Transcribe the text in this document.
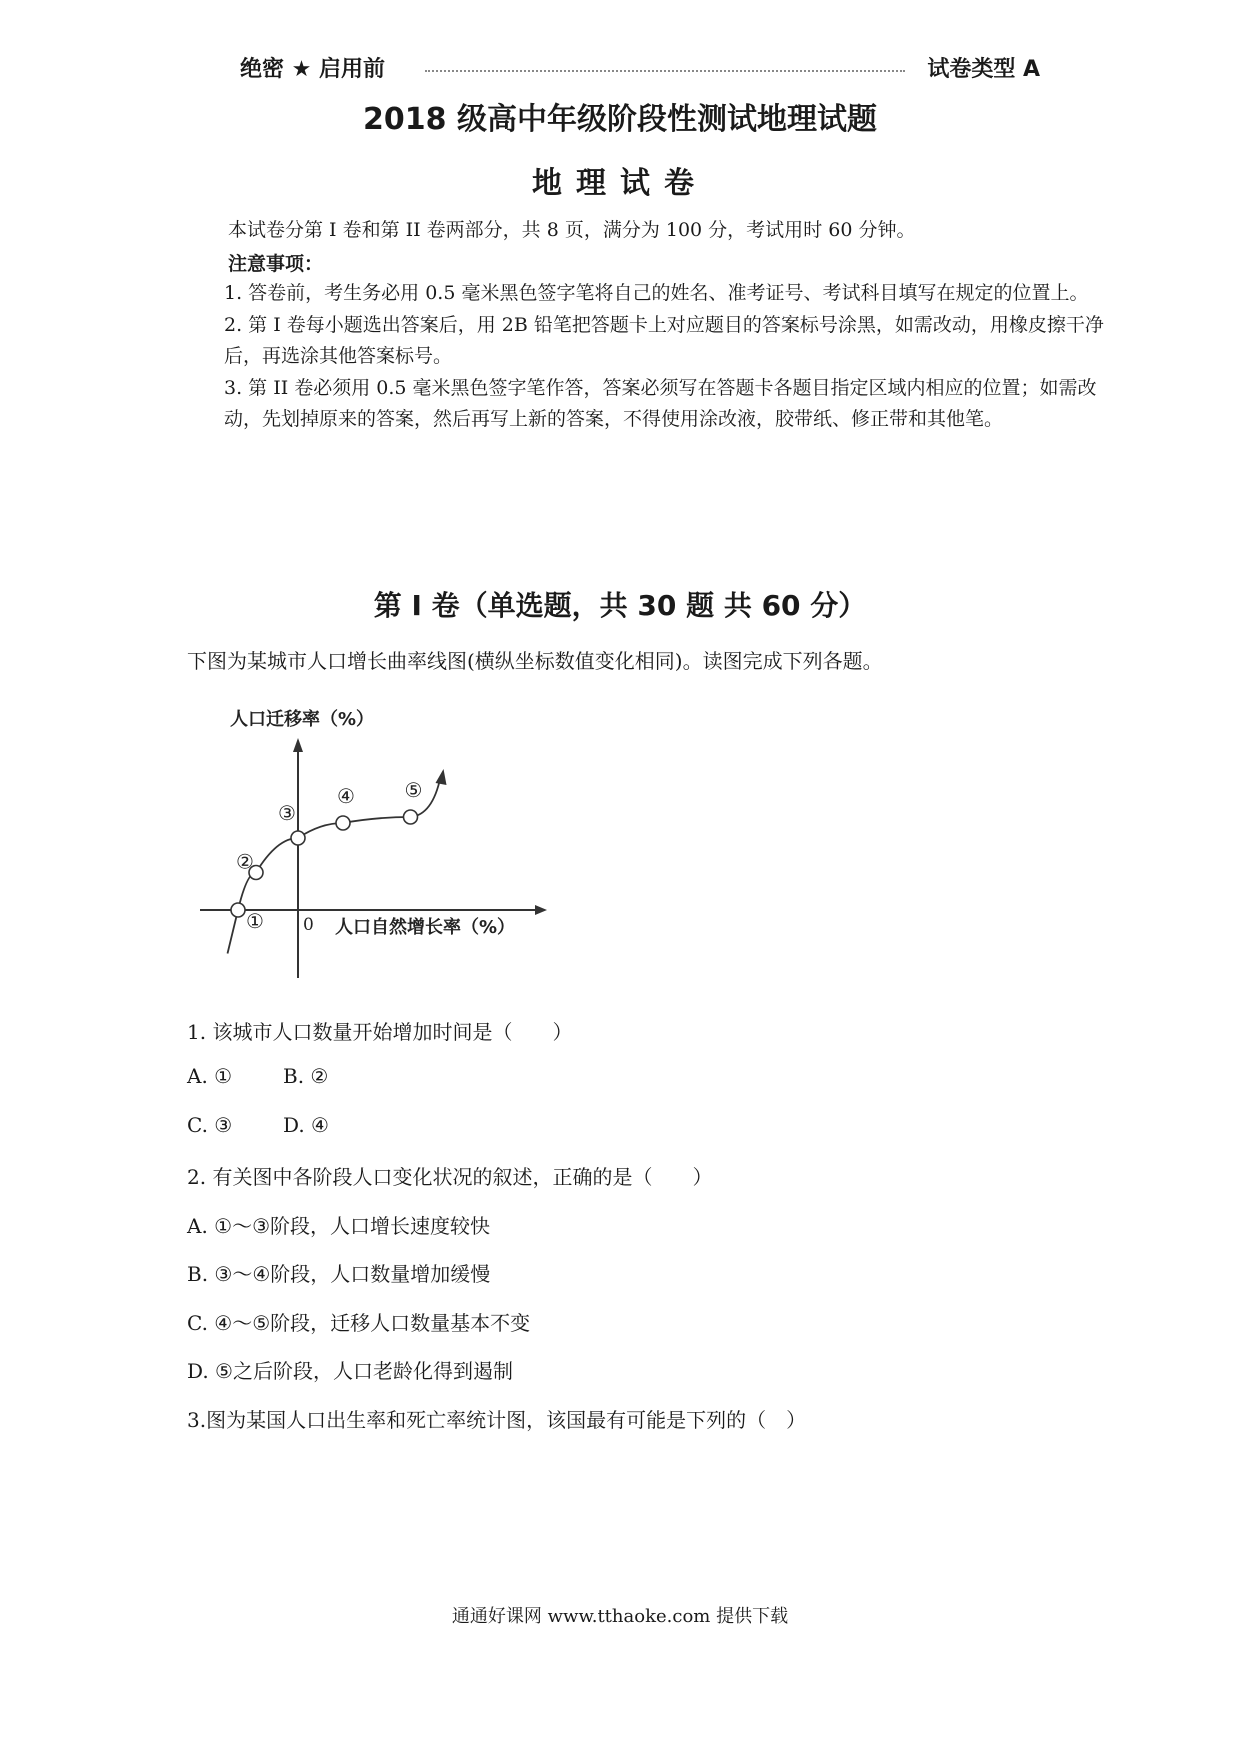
绝密 ★ 启用前	试卷类型 A
2018 级高中年级阶段性测试地理试题
地理试卷
本试卷分第 I 卷和第 II 卷两部分，共 8 页，满分为 100 分，考试用时 60 分钟。

注意事项：

1. 答卷前，考生务必用 0.5 毫米黑色签字笔将自己的姓名、准考证号、考试科目填写在规定的位置上。

2. 第 I 卷每小题选出答案后，用 2B 铅笔把答题卡上对应题目的答案标号涂黑，如需改动，用橡皮擦干净后，再选涂其他答案标号。

3. 第 II 卷必须用 0.5 毫米黑色签字笔作答，答案必须写在答题卡各题目指定区域内相应的位置；如需改动，先划掉原来的答案，然后再写上新的答案，不得使用涂改液，胶带纸、修正带和其他笔。

第 I 卷（单选题，共 30 题 共 60 分）
下图为某城市人口增长曲率线图(横纵坐标数值变化相同)。读图完成下列各题。
人口迁移率（%）
人口自然增长率（%）
0
①
②
③
④ ⑤
1. 该城市人口数量开始增加时间是（　　）
A. ①	B. ②
C. ③	D. ④
2. 有关图中各阶段人口变化状况的叙述，正确的是（　　）
A. ①～③阶段，人口增长速度较快
B. ③～④阶段，人口数量增加缓慢
C. ④～⑤阶段，迁移人口数量基本不变
D. ⑤之后阶段，人口老龄化得到遏制
3.图为某国人口出生率和死亡率统计图，该国最有可能是下列的（　）
通通好课网 www.tthaoke.com 提供下载
